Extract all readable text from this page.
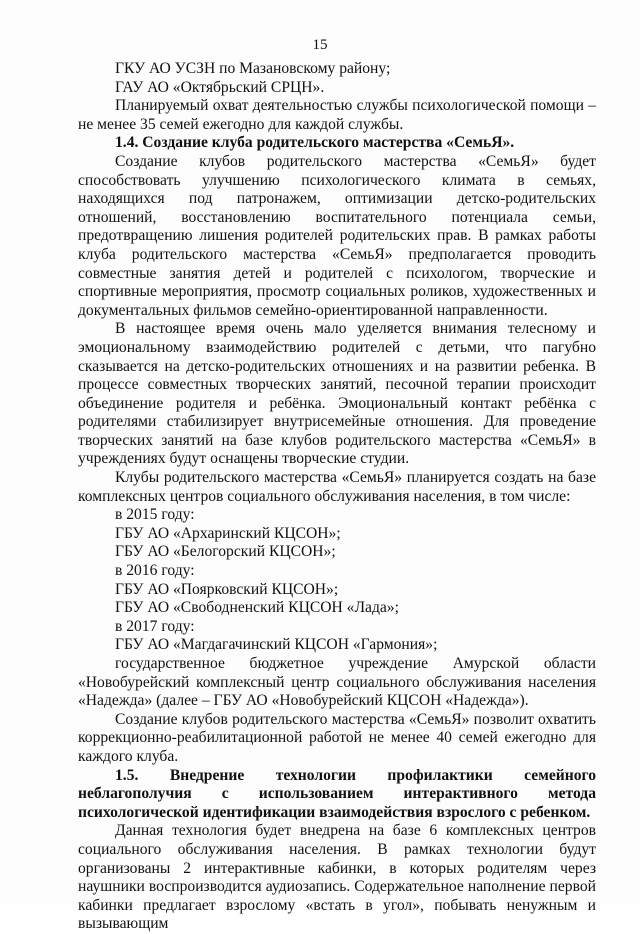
15

ГКУ АО УСЗН по Мазановскому району;

ГАУ АО «Октябрьский СРЦН».

Планируемый охват деятельностью службы психологической помощи – не менее 35 семей ежегодно для каждой службы.

1.4. Создание клуба родительского мастерства «СемьЯ».

Создание клубов родительского мастерства «СемьЯ» будет способствовать улучшению психологического климата в семьях, находящихся под патронажем, оптимизации детско-родительских отношений, восстановлению воспитательного потенциала семьи, предотвращению лишения родителей родительских прав. В рамках работы клуба родительского мастерства «СемьЯ» предполагается проводить совместные занятия детей и родителей с психологом, творческие и спортивные мероприятия, просмотр социальных роликов, художественных и документальных фильмов семейно-ориентированной направленности.

В настоящее время очень мало уделяется внимания телесному и эмоциональному взаимодействию родителей с детьми, что пагубно сказывается на детско-родительских отношениях и на развитии ребенка. В процессе совместных творческих занятий, песочной терапии происходит объединение родителя и ребёнка. Эмоциональный контакт ребёнка с родителями стабилизирует внутрисемейные отношения. Для проведение творческих занятий на базе клубов родительского мастерства «СемьЯ» в учреждениях будут оснащены творческие студии.

Клубы родительского мастерства «СемьЯ» планируется создать на базе комплексных центров социального обслуживания населения, в том числе:

в 2015 году:

ГБУ АО «Архаринский КЦСОН»;

ГБУ АО «Белогорский КЦСОН»;

в 2016 году:

ГБУ АО «Поярковский КЦСОН»;

ГБУ АО «Свободненский КЦСОН «Лада»;

в 2017 году:

ГБУ АО «Магдагачинский КЦСОН «Гармония»;

государственное бюджетное учреждение Амурской области «Новобурейский комплексный центр социального обслуживания населения «Надежда» (далее – ГБУ АО «Новобурейский КЦСОН «Надежда»).

Создание клубов родительского мастерства «СемьЯ» позволит охватить коррекционно-реабилитационной работой не менее 40 семей ежегодно для каждого клуба.

1.5. Внедрение технологии профилактики семейного неблагополучия с использованием интерактивного метода психологической идентификации взаимодействия взрослого с ребенком.

Данная технология будет внедрена на базе 6 комплексных центров социального обслуживания населения. В рамках технологии будут организованы 2 интерактивные кабинки, в которых родителям через наушники воспроизводится аудиозапись. Содержательное наполнение первой кабинки предлагает взрослому «встать в угол», побывать ненужным и вызывающим
